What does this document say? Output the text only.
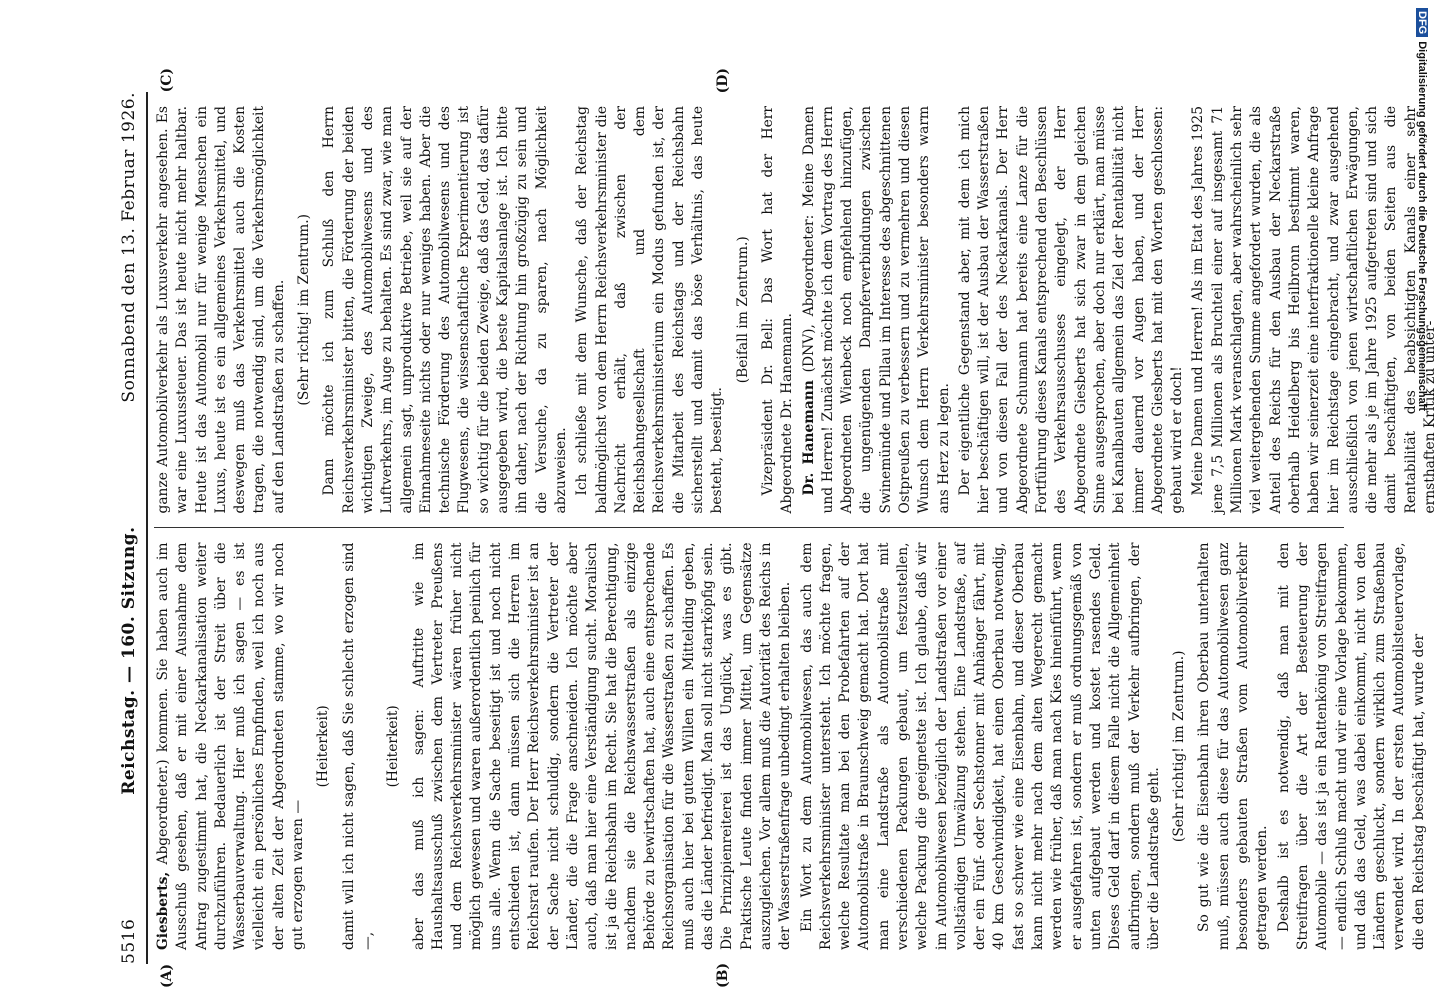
DFGDigitalisierung gefördert durch die Deutsche Forschungsgemeinschaft
5516
Reichstag. — 160. Sitzung.
Sonnabend den 13. Februar 1926.
(A)	(B)

Giesberts, Abgeordneter.) kommen. Sie haben auch im Ausschuß gesehen, daß er mit einer Ausnahme dem Antrag zugestimmt hat, die Neckarkanalisation weiter durchzuführen. Bedauerlich ist der Streit über die Wasserbauverwaltung. Hier muß ich sagen — es ist vielleicht ein persönliches Empfinden, weil ich noch aus der alten Zeit der Abgeordneten stamme, wo wir noch gut erzogen waren —

(Heiterkeit) damit will ich nicht sagen, daß Sie schlecht erzogen sind —,

(Heiterkeit) aber das muß ich sagen: Auftritte wie im Haushaltsausschuß zwischen dem Vertreter Preußens und dem Reichsverkehrsminister wären früher nicht möglich gewesen und waren außerordentlich peinlich für uns alle. Wenn die Sache beseitigt ist und noch nicht entschieden ist, dann müssen sich die Herren im Reichsrat raufen. Der Herr Reichsverkehrsminister ist an der Sache nicht schuldig, sondern die Vertreter der Länder, die die Frage anschneiden. Ich möchte aber auch, daß man hier eine Verständigung sucht. Moralisch ist ja die Reichsbahn im Recht. Sie hat die Berechtigung, nachdem sie die Reichswasserstraßen als einzige Behörde zu bewirtschaften hat, auch eine entsprechende Reichsorganisation für die Wasserstraßen zu schaffen. Es muß auch hier bei gutem Willen ein Mittelding geben, das die Länder befriedigt. Man soll nicht starrköpfig sein. Die Prinzipienreiterei ist das Unglück, was es gibt. Praktische Leute finden immer Mittel, um Gegensätze auszugleichen. Vor allem muß die Autorität des Reichs in der Wasserstraßenfrage unbedingt erhalten bleiben. Ein Wort zu dem Automobilwesen, das auch dem Reichsverkehrsminister untersteht. Ich möchte fragen, welche Resultate man bei den Probefahrten auf der Automobilstraße in Braunschweig gemacht hat. Dort hat man eine Landstraße als Automobilstraße mit verschiedenen Packungen gebaut, um festzustellen, welche Packung die geeignetste ist. Ich glaube, daß wir im Automobilwesen bezüglich der Landstraßen vor einer vollständigen Umwälzung stehen. Eine Landstraße, auf der ein Fünf- oder Sechstonner mit Anhänger fährt, mit 40 km Geschwindigkeit, hat einen Oberbau notwendig, fast so schwer wie eine Eisenbahn, und dieser Oberbau kann nicht mehr nach dem alten Wegerecht gemacht werden wie früher, daß man nach Kies hineinführt, wenn er ausgefahren ist, sondern er muß ordnungsgemäß von unten aufgebaut werden und kostet rasendes Geld. Dieses Geld darf in diesem Falle nicht die Allgemeinheit aufbringen, sondern muß der Verkehr aufbringen, der über die Landstraße geht.

(Sehr richtig! im Zentrum.) So gut wie die Eisenbahn ihren Oberbau unterhalten muß, müssen auch diese für das Automobilwesen ganz besonders gebauten Straßen vom Automobilverkehr getragen werden. Deshalb ist es notwendig, daß man mit den Streitfragen über die Art der Besteuerung der Automobile — das ist ja ein Rattenkönig von Streitfragen — endlich Schluß macht und wir eine Vorlage bekommen, und daß das Geld, was dabei einkommt, nicht von den Ländern geschluckt, sondern wirklich zum Straßenbau verwendet wird. In der ersten Automobilsteuervorlage, die den Reichstag beschäftigt hat, wurde der

(C)	(D)

ganze Automobilverkehr als Luxusverkehr angesehen. Es war eine Luxussteuer. Das ist heute nicht mehr haltbar. Heute ist das Automobil nur für wenige Menschen ein Luxus, heute ist es ein allgemeines Verkehrsmittel, und deswegen muß das Verkehrsmittel auch die Kosten tragen, die notwendig sind, um die Verkehrsmöglichkeit auf den Landstraßen zu schaffen. (Sehr richtig! im Zentrum.) Dann möchte ich zum Schluß den Herrn Reichsverkehrsminister bitten, die Förderung der beiden wichtigen Zweige, des Automobilwesens und des Luftverkehrs, im Auge zu behalten. Es sind zwar, wie man allgemein sagt, unproduktive Betriebe, weil sie auf der Einnahmeseite nichts oder nur weniges haben. Aber die technische Förderung des Automobilwesens und des Flugwesens, die wissenschaftliche Experimentierung ist so wichtig für die beiden Zweige, daß das Geld, das dafür ausgegeben wird, die beste Kapitalsanlage ist. Ich bitte ihn daher, nach der Richtung hin großzügig zu sein und die Versuche, da zu sparen, nach Möglichkeit abzuweisen. Ich schließe mit dem Wunsche, daß der Reichstag baldmöglichst von dem Herrn Reichsverkehrsminister die Nachricht erhält, daß zwischen der Reichsbahngesellschaft und dem Reichsverkehrsministerium ein Modus gefunden ist, der die Mitarbeit des Reichstags und der Reichsbahn sicherstellt und damit das böse Verhältnis, das heute besteht, beseitigt.

(Beifall im Zentrum.) Vizepräsident Dr. Bell: Das Wort hat der Herr Abgeordnete Dr. Hanemann. Dr. Hanemann (DNV), Abgeordneter: Meine Damen und Herren! Zunächst möchte ich dem Vortrag des Herrn Abgeordneten Wienbeck noch empfehlend hinzufügen, die ungenügenden Dampferverbindungen zwischen Swinemünde und Pillau im Interesse des abgeschnittenen Ostpreußen zu verbessern und zu vermehren und diesen Wunsch dem Herrn Verkehrsminister besonders warm ans Herz zu legen. Der eigentliche Gegenstand aber, mit dem ich mich hier beschäftigen will, ist der Ausbau der Wasserstraßen und von diesen Fall der des Neckarkanals. Der Herr Abgeordnete Schumann hat bereits eine Lanze für die Fortführung dieses Kanals entsprechend den Beschlüssen des Verkehrsausschusses eingelegt, der Herr Abgeordnete Giesberts hat sich zwar in dem gleichen Sinne ausgesprochen, aber doch nur erklärt, man müsse bei Kanalbauten allgemein das Ziel der Rentabilität nicht immer dauernd vor Augen haben, und der Herr Abgeordnete Giesberts hat mit den Worten geschlossen: gebaut wird er doch! Meine Damen und Herren! Als im Etat des Jahres 1925 jene 7,5 Millionen als Bruchteil einer auf insgesamt 71 Millionen Mark veranschlagten, aber wahrscheinlich sehr viel weitergehenden Summe angefordert wurden, die als Anteil des Reichs für den Ausbau der Neckarstraße oberhalb Heidelberg bis Heilbronn bestimmt waren, haben wir seinerzeit eine interfraktionelle kleine Anfrage hier im Reichstage eingebracht, und zwar ausgehend ausschließlich von jenen wirtschaftlichen Erwägungen, die mehr als je im Jahre 1925 aufgetreten sind und sich damit beschäftigten, von beiden Seiten aus die Rentabilität des beabsichtigten Kanals einer sehr ernsthaften Kritik zu unter-
